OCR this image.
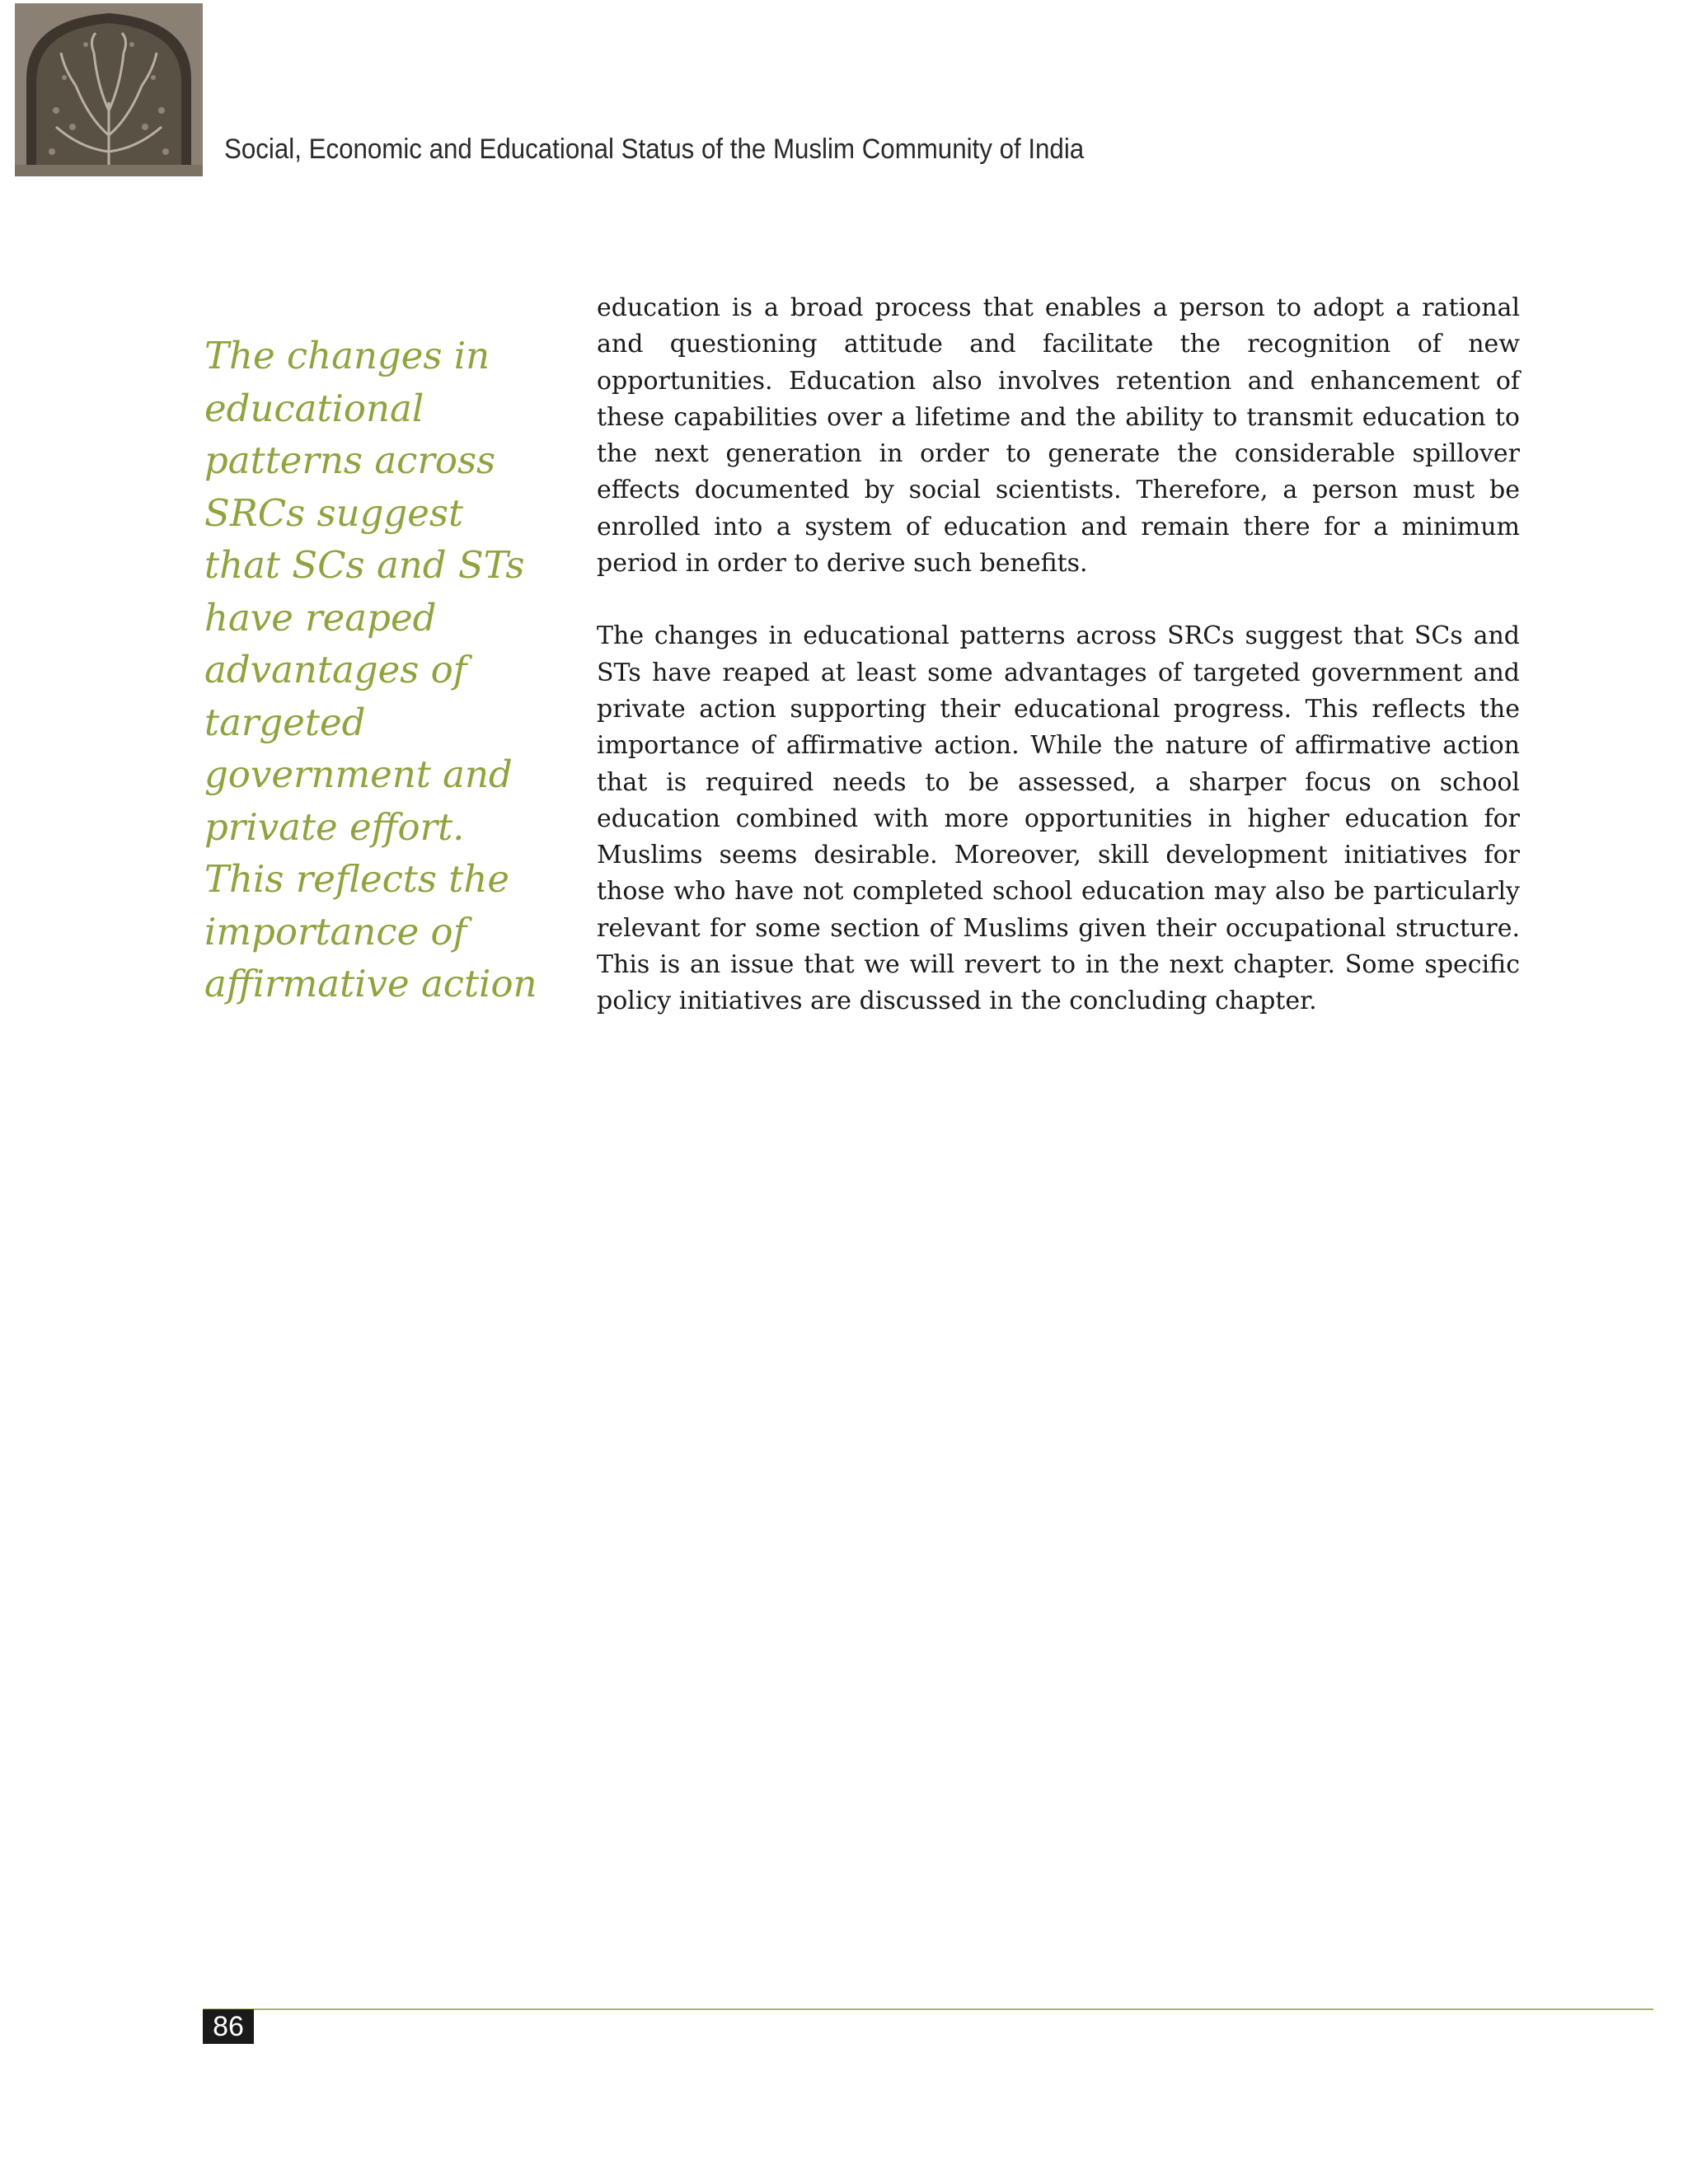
Social, Economic and Educational Status of the Muslim Community of India
The changes in educational patterns across SRCs suggest that SCs and STs have reaped advantages of targeted government and private effort. This reflects the importance of affirmative action

education is a broad process that enables a person to adopt a rational and questioning attitude and facilitate the recognition of new opportunities. Education also involves retention and enhancement of these capabilities over a lifetime and the ability to transmit education to the next generation in order to generate the considerable spillover effects documented by social scientists. Therefore, a person must be enrolled into a system of education and remain there for a minimum period in order to derive such benefits.

The changes in educational patterns across SRCs suggest that SCs and STs have reaped at least some advantages of targeted government and private action supporting their educational progress. This reflects the importance of affirmative action. While the nature of affirmative action that is required needs to be assessed, a sharper focus on school education combined with more opportunities in higher education for Muslims seems desirable. Moreover, skill development initiatives for those who have not completed school education may also be particularly relevant for some section of Muslims given their occupational structure. This is an issue that we will revert to in the next chapter. Some specific policy initiatives are discussed in the concluding chapter.

86
